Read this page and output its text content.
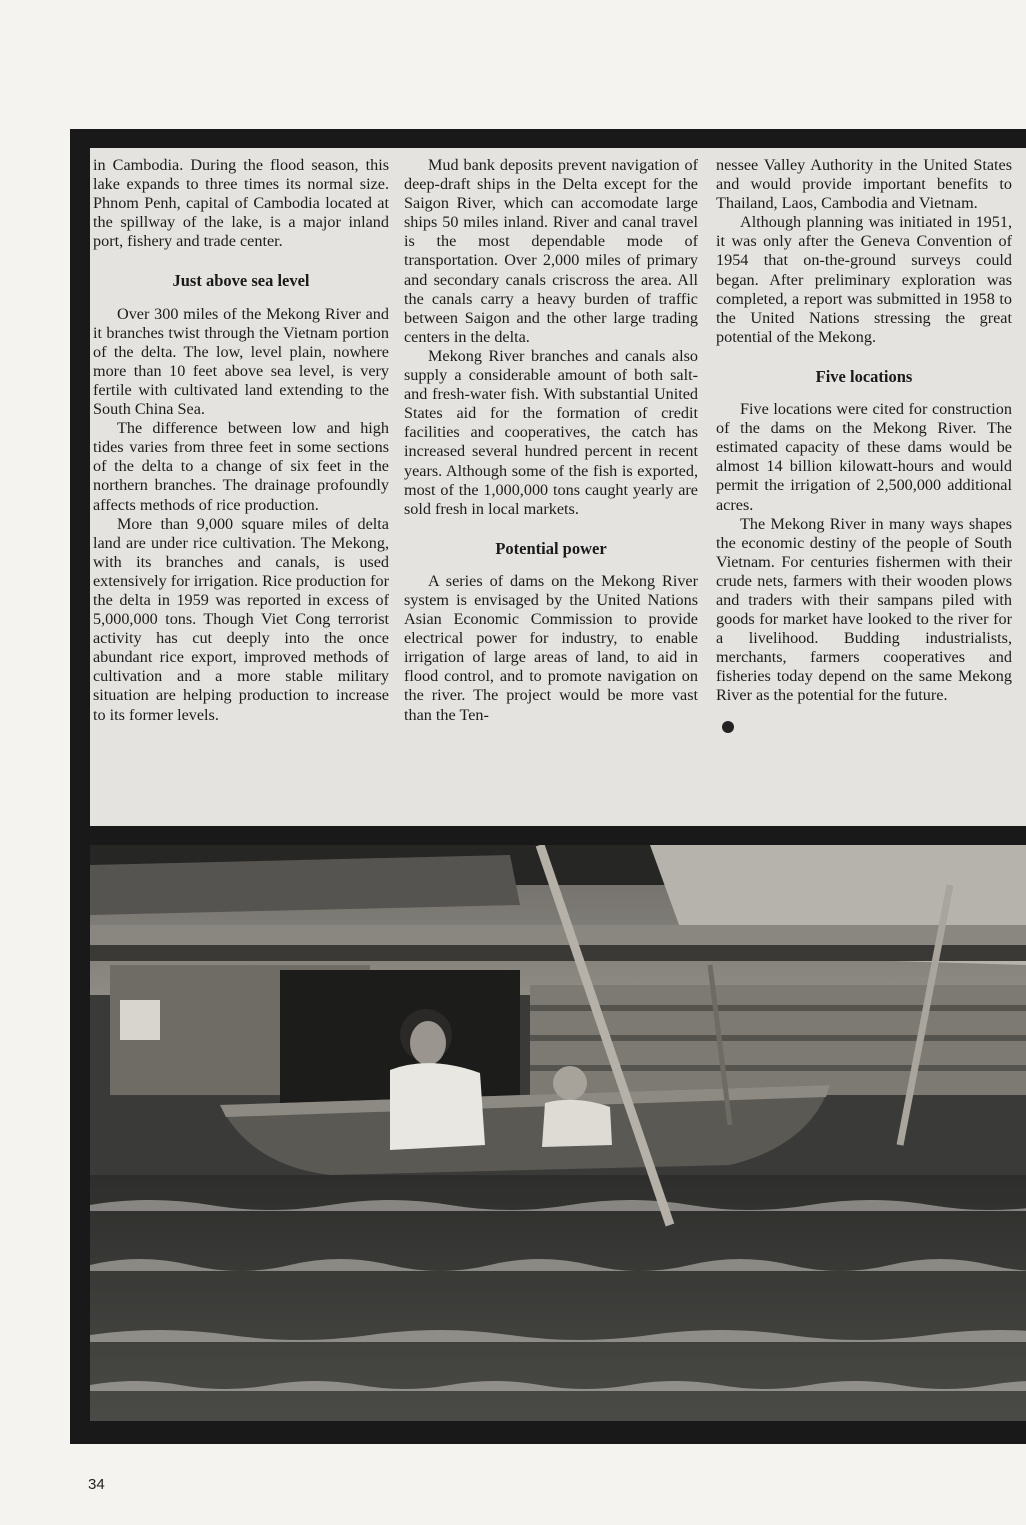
in Cambodia. During the flood season, this lake expands to three times its normal size. Phnom Penh, capital of Cambodia located at the spillway of the lake, is a major inland port, fishery and trade center.

Just above sea level

Over 300 miles of the Mekong River and it branches twist through the Vietnam portion of the delta. The low, level plain, nowhere more than 10 feet above sea level, is very fertile with cultivated land extending to the South China Sea.

The difference between low and high tides varies from three feet in some sections of the delta to a change of six feet in the northern branches. The drainage profoundly affects methods of rice production.

More than 9,000 square miles of delta land are under rice cultivation. The Mekong, with its branches and canals, is used extensively for irrigation. Rice production for the delta in 1959 was reported in excess of 5,000,000 tons. Though Viet Cong terrorist activity has cut deeply into the once abundant rice export, improved methods of cultivation and a more stable military situation are helping production to increase to its former levels.

Mud bank deposits prevent navigation of deep-draft ships in the Delta except for the Saigon River, which can accomodate large ships 50 miles inland. River and canal travel is the most dependable mode of transportation. Over 2,000 miles of primary and secondary canals criscross the area. All the canals carry a heavy burden of traffic between Saigon and the other large trading centers in the delta.

Mekong River branches and canals also supply a considerable amount of both salt- and fresh-water fish. With substantial United States aid for the formation of credit facilities and cooperatives, the catch has increased several hundred percent in recent years. Although some of the fish is exported, most of the 1,000,000 tons caught yearly are sold fresh in local markets.

Potential power

A series of dams on the Mekong River system is envisaged by the United Nations Asian Economic Commission to provide electrical power for industry, to enable irrigation of large areas of land, to aid in flood control, and to promote navigation on the river. The project would be more vast than the Ten-

nessee Valley Authority in the United States and would provide important benefits to Thailand, Laos, Cambodia and Vietnam.

Although planning was initiated in 1951, it was only after the Geneva Convention of 1954 that on-the-ground surveys could began. After preliminary exploration was completed, a report was submitted in 1958 to the United Nations stressing the great potential of the Mekong.

Five locations

Five locations were cited for construction of the dams on the Mekong River. The estimated capacity of these dams would be almost 14 billion kilowatt-hours and would permit the irrigation of 2,500,000 additional acres.

The Mekong River in many ways shapes the economic destiny of the people of South Vietnam. For centuries fishermen with their crude nets, farmers with their wooden plows and traders with their sampans piled with goods for market have looked to the river for a livelihood. Budding industrialists, merchants, farmers cooperatives and fisheries today depend on the same Mekong River as the potential for the future.

34
